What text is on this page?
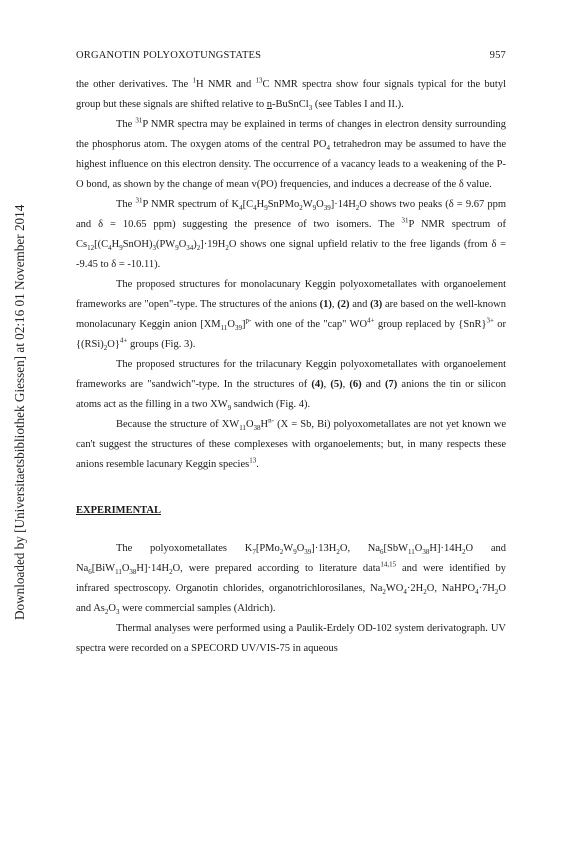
Downloaded by [Universitaetsbibliothek Giessen] at 02:16 01 November 2014
ORGANOTIN POLYOXOTUNGSTATES	957

the other derivatives. The $^1$H NMR and $^{13}$C NMR spectra show four signals typical for the butyl group but these signals are shifted relative to n-BuSnCl$_3$ (see Tables I and II.).

The $^{31}$P NMR spectra may be explained in terms of changes in electron density surrounding the phosphorus atom. The oxygen atoms of the central $PO_4$ tetrahedron may be assumed to have the highest influence on this electron density. The occurrence of a vacancy leads to a weakening of the P-O bond, as shown by the change of mean v(PO) frequencies, and induces a decrease of the δ value.

The $^{31}$P NMR spectrum of $K_4[C_4H_9SnPMo_2W_9O_{39}]\cdot 14H_2O$ shows two peaks (δ = 9.67 ppm and δ = 10.65 ppm) suggesting the presence of two isomers. The $^{31}$P NMR spectrum of $Cs_{12}[(C_4H_9SnOH)_3(PW_9O_{34})_2]\cdot 19H_2O$ shows one signal upfield relativ to the free ligands (from δ = -9.45 to δ = -10.11).

The proposed structures for monolacunary Keggin polyoxometallates with organoelement frameworks are "open"-type. The structures of the anions (1), (2) and (3) are based on the well-known monolacunary Keggin anion $[XM_{11}O_{39}]^{p-}$ with one of the "cap" $WO^{4+}$ group replaced by {SnR}$^{3+}$ or $\{(RSi)_2O\}^{4+}$ groups (Fig. 3).

The proposed structures for the trilacunary Keggin polyoxometallates with organoelement frameworks are "sandwich"-type. In the structures of (4), (5), (6) and (7) anions the tin or silicon atoms act as the filling in a two $XW_9$ sandwich (Fig. 4).

Because the structure of $XW_{11}O_{38}H^{n-}$ (X = Sb, Bi) polyoxometallates are not yet known we can't suggest the structures of these complexeses with organoelements; but, in many respects these anions resemble lacunary Keggin species$^{13}$.

EXPERIMENTAL

The polyoxometallates $K_7[PMo_2W_9O_{39}]\cdot 13H_2O$, $Na_6[SbW_{11}O_{38}H]\cdot 14H_2O$ and $Na_6[BiW_{11}O_{38}H]\cdot 14H_2O$, were prepared according to literature data$^{14,15}$ and were identified by infrared spectroscopy. Organotin chlorides, organotrichlorosilanes, $Na_2WO_4\cdot 2H_2O$, $NaHPO_4\cdot 7H_2O$ and $As_2O_3$ were commercial samples (Aldrich).

Thermal analyses were performed using a Paulik-Erdely OD-102 system derivatograph. UV spectra were recorded on a SPECORD UV/VIS-75 in aqueous
